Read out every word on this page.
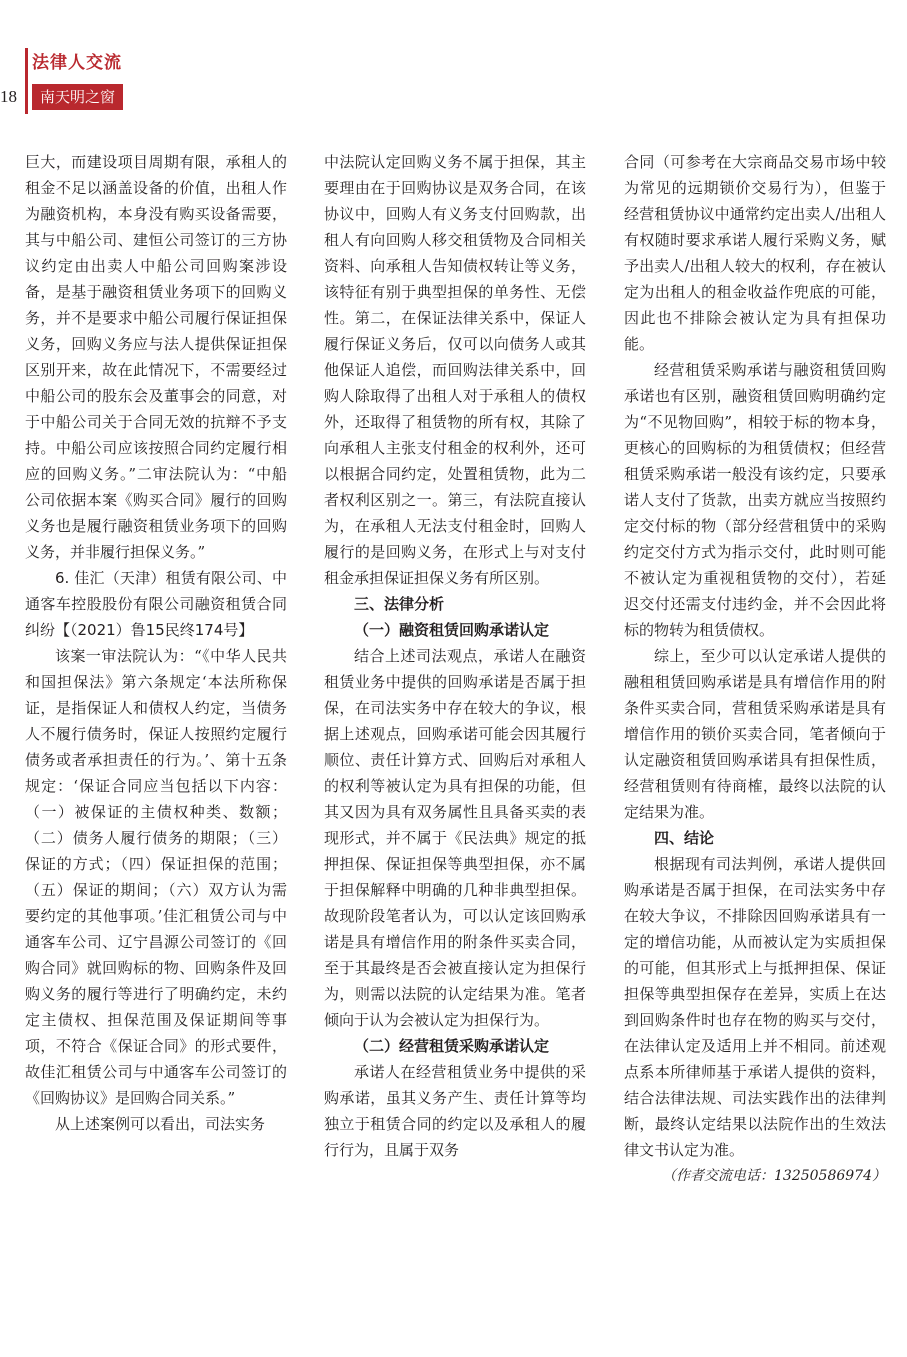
18
法律人交流
南天明之窗

巨大，而建设项目周期有限，承租人的租金不足以涵盖设备的价值，出租人作为融资机构，本身没有购买设备需要，其与中船公司、建恒公司签订的三方协议约定由出卖人中船公司回购案涉设备，是基于融资租赁业务项下的回购义务，并不是要求中船公司履行保证担保义务，回购义务应与法人提供保证担保区别开来，故在此情况下，不需要经过中船公司的股东会及董事会的同意，对于中船公司关于合同无效的抗辩不予支持。中船公司应该按照合同约定履行相应的回购义务。”二审法院认为：“中船公司依据本案《购买合同》履行的回购义务也是履行融资租赁业务项下的回购义务，并非履行担保义务。”

6. 佳汇（天津）租赁有限公司、中通客车控股股份有限公司融资租赁合同纠纷【（2021）鲁15民终174号】

该案一审法院认为：“《中华人民共和国担保法》第六条规定‘本法所称保证，是指保证人和债权人约定，当债务人不履行债务时，保证人按照约定履行债务或者承担责任的行为。’、第十五条规定：‘保证合同应当包括以下内容：（一）被保证的主债权种类、数额；（二）债务人履行债务的期限；（三）保证的方式；（四）保证担保的范围；（五）保证的期间；（六）双方认为需要约定的其他事项。’佳汇租赁公司与中通客车公司、辽宁昌源公司签订的《回购合同》就回购标的物、回购条件及回购义务的履行等进行了明确约定，未约定主债权、担保范围及保证期间等事项，不符合《保证合同》的形式要件，故佳汇租赁公司与中通客车公司签订的《回购协议》是回购合同关系。”

从上述案例可以看出，司法实务

中法院认定回购义务不属于担保，其主要理由在于回购协议是双务合同，在该协议中，回购人有义务支付回购款，出租人有向回购人移交租赁物及合同相关资料、向承租人告知债权转让等义务，该特征有别于典型担保的单务性、无偿性。第二，在保证法律关系中，保证人履行保证义务后，仅可以向债务人或其他保证人追偿，而回购法律关系中，回购人除取得了出租人对于承租人的债权外，还取得了租赁物的所有权，其除了向承租人主张支付租金的权利外，还可以根据合同约定，处置租赁物，此为二者权利区别之一。第三，有法院直接认为，在承租人无法支付租金时，回购人履行的是回购义务，在形式上与对支付租金承担保证担保义务有所区别。

三、法律分析

（一）融资租赁回购承诺认定

结合上述司法观点，承诺人在融资租赁业务中提供的回购承诺是否属于担保，在司法实务中存在较大的争议，根据上述观点，回购承诺可能会因其履行顺位、责任计算方式、回购后对承租人的权利等被认定为具有担保的功能，但其又因为具有双务属性且具备买卖的表现形式，并不属于《民法典》规定的抵押担保、保证担保等典型担保，亦不属于担保解释中明确的几种非典型担保。故现阶段笔者认为，可以认定该回购承诺是具有增信作用的附条件买卖合同，至于其最终是否会被直接认定为担保行为，则需以法院的认定结果为准。笔者倾向于认为会被认定为担保行为。

（二）经营租赁采购承诺认定

承诺人在经营租赁业务中提供的采购承诺，虽其义务产生、责任计算等均独立于租赁合同的约定以及承租人的履行行为，且属于双务

合同（可参考在大宗商品交易市场中较为常见的远期锁价交易行为），但鉴于经营租赁协议中通常约定出卖人/出租人有权随时要求承诺人履行采购义务，赋予出卖人/出租人较大的权利，存在被认定为出租人的租金收益作兜底的可能，因此也不排除会被认定为具有担保功能。

经营租赁采购承诺与融资租赁回购承诺也有区别，融资租赁回购明确约定为“不见物回购”，相较于标的物本身，更核心的回购标的为租赁债权；但经营租赁采购承诺一般没有该约定，只要承诺人支付了货款，出卖方就应当按照约定交付标的物（部分经营租赁中的采购约定交付方式为指示交付，此时则可能不被认定为重视租赁物的交付），若延迟交付还需支付违约金，并不会因此将标的物转为租赁债权。

综上，至少可以认定承诺人提供的融租租赁回购承诺是具有增信作用的附条件买卖合同，营租赁采购承诺是具有增信作用的锁价买卖合同，笔者倾向于认定融资租赁回购承诺具有担保性质，经营租赁则有待商榷，最终以法院的认定结果为准。

四、结论

根据现有司法判例，承诺人提供回购承诺是否属于担保，在司法实务中存在较大争议，不排除因回购承诺具有一定的增信功能，从而被认定为实质担保的可能，但其形式上与抵押担保、保证担保等典型担保存在差异，实质上在达到回购条件时也存在物的购买与交付，在法律认定及适用上并不相同。前述观点系本所律师基于承诺人提供的资料，结合法律法规、司法实践作出的法律判断，最终认定结果以法院作出的生效法律文书认定为准。

（作者交流电话：13250586974）
